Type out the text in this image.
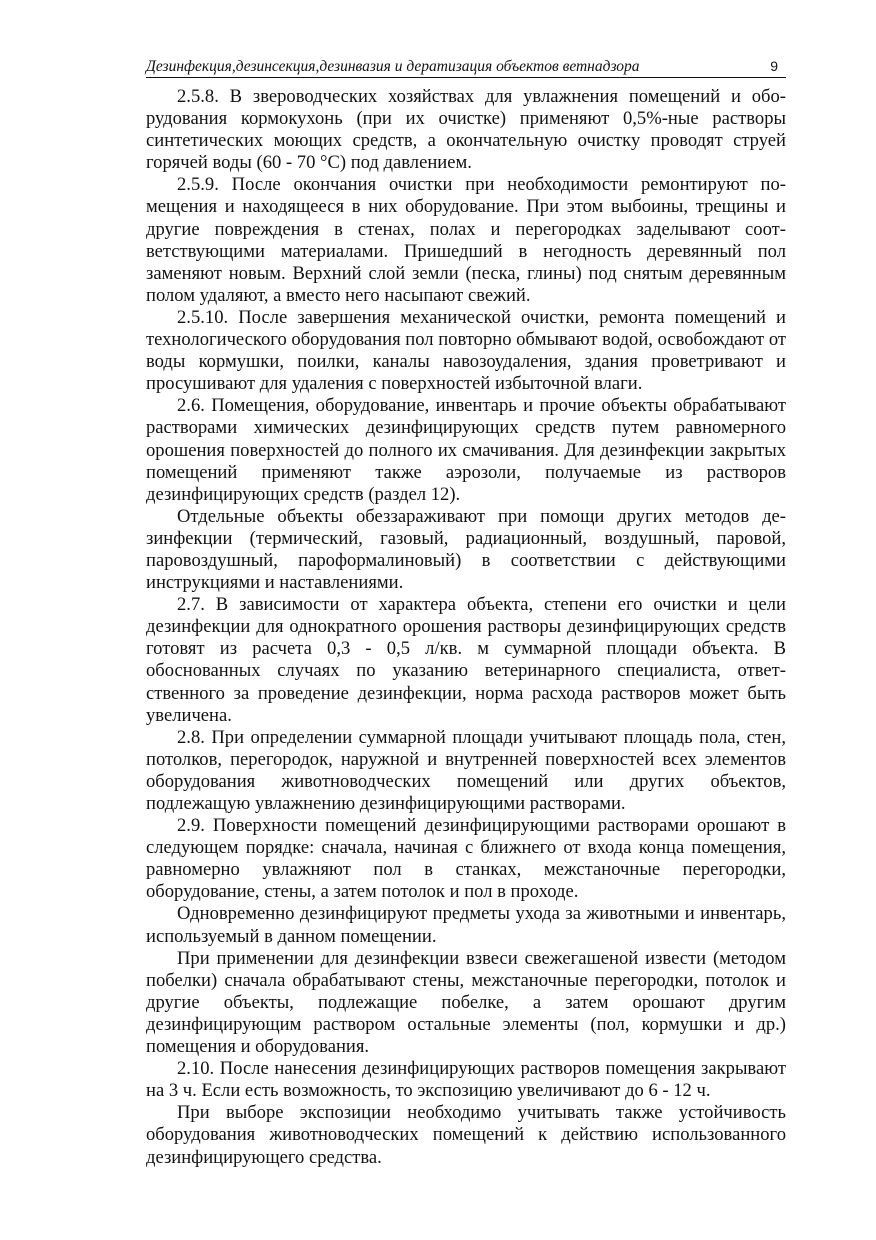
Дезинфекция,дезинсекция,дезинвазия и дератизация объектов ветнадзора	9

2.5.8. В звероводческих хозяйствах для увлажнения помещений и оборудования кормокухонь (при их очистке) применяют 0,5%-ные растворы синтетических моющих средств, а окончательную очистку проводят струей горячей воды (60 - 70 °С) под давлением.

2.5.9. После окончания очистки при необходимости ремонтируют помещения и находящееся в них оборудование. При этом выбоины, трещины и другие повреждения в стенах, полах и перегородках заделывают соответствующими материалами. Пришедший в негодность деревянный пол заменяют новым. Верхний слой земли (песка, глины) под снятым деревянным полом удаляют, а вместо него насыпают свежий.

2.5.10. После завершения механической очистки, ремонта помещений и технологического оборудования пол повторно обмывают водой, освобождают от воды кормушки, поилки, каналы навозоудаления, здания проветривают и просушивают для удаления с поверхностей избыточной влаги.

2.6. Помещения, оборудование, инвентарь и прочие объекты обрабатывают растворами химических дезинфицирующих средств путем равномерного орошения поверхностей до полного их смачивания. Для дезинфекции закрытых помещений применяют также аэрозоли, получаемые из растворов дезинфицирующих средств (раздел 12).

Отдельные объекты обеззараживают при помощи других методов дезинфекции (термический, газовый, радиационный, воздушный, паровой, паровоздушный, пароформалиновый) в соответствии с действующими инструкциями и наставлениями.

2.7. В зависимости от характера объекта, степени его очистки и цели дезинфекции для однократного орошения растворы дезинфицирующих средств готовят из расчета 0,3 - 0,5 л/кв. м суммарной площади объекта. В обоснованных случаях по указанию ветеринарного специалиста, ответственного за проведение дезинфекции, норма расхода растворов может быть увеличена.

2.8. При определении суммарной площади учитывают площадь пола, стен, потолков, перегородок, наружной и внутренней поверхностей всех элементов оборудования животноводческих помещений или других объектов, подлежащую увлажнению дезинфицирующими растворами.

2.9. Поверхности помещений дезинфицирующими растворами орошают в следующем порядке: сначала, начиная с ближнего от входа конца помещения, равномерно увлажняют пол в станках, межстаночные перегородки, оборудование, стены, а затем потолок и пол в проходе.

Одновременно дезинфицируют предметы ухода за животными и инвентарь, используемый в данном помещении.

При применении для дезинфекции взвеси свежегашеной извести (методом побелки) сначала обрабатывают стены, межстаночные перегородки, потолок и другие объекты, подлежащие побелке, а затем орошают другим дезинфицирующим раствором остальные элементы (пол, кормушки и др.) помещения и оборудования.

2.10. После нанесения дезинфицирующих растворов помещения закрывают на 3 ч. Если есть возможность, то экспозицию увеличивают до 6 - 12 ч.

При выборе экспозиции необходимо учитывать также устойчивость оборудования животноводческих помещений к действию использованного дезинфицирующего средства.
